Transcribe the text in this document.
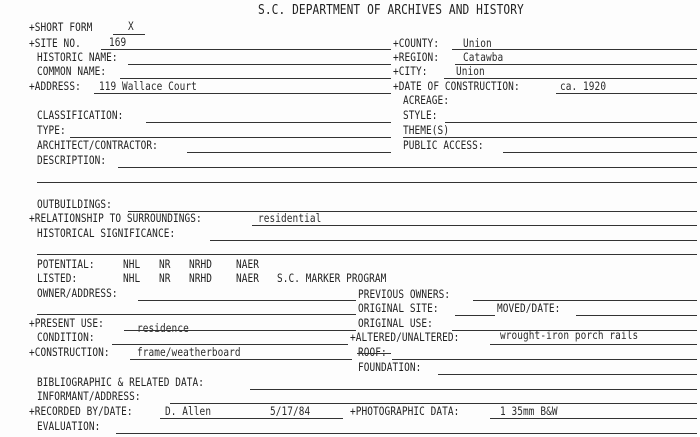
S.C. DEPARTMENT OF ARCHIVES AND HISTORY
+SHORT FORM	X
+SITE NO. 169	+COUNTY: Union
HISTORIC NAME:	+REGION: Catawba
COMMON NAME:	+CITY: Union
+ADDRESS: 119 Wallace Court	+DATE OF CONSTRUCTION:	ca. 1920
ACREAGE:
CLASSIFICATION:	STYLE:
TYPE:	THEME(S)
ARCHITECT/CONTRACTOR:	PUBLIC ACCESS:
DESCRIPTION:
OUTBUILDINGS:
+RELATIONSHIP TO SURROUNDINGS:	residential
HISTORICAL SIGNIFICANCE:
POTENTIAL: NHL NR NRHD NAER
LISTED:	NHL NR NRHD NAER S.C. MARKER PROGRAM
OWNER/ADDRESS:	PREVIOUS OWNERS:
ORIGINAL SITE:	MOVED/DATE:
+PRESENT USE:	residence	ORIGINAL USE:
CONDITION:	+ALTERED/UNALTERED:	wrought-iron porch rails
+CONSTRUCTION: frame/weatherboard	ROOF:
FOUNDATION:
BIBLIOGRAPHIC & RELATED DATA:
INFORMANT/ADDRESS:
+RECORDED BY/DATE:	D. Allen	5/17/84	+PHOTOGRAPHIC DATA:	1 35mm B&W
EVALUATION:
